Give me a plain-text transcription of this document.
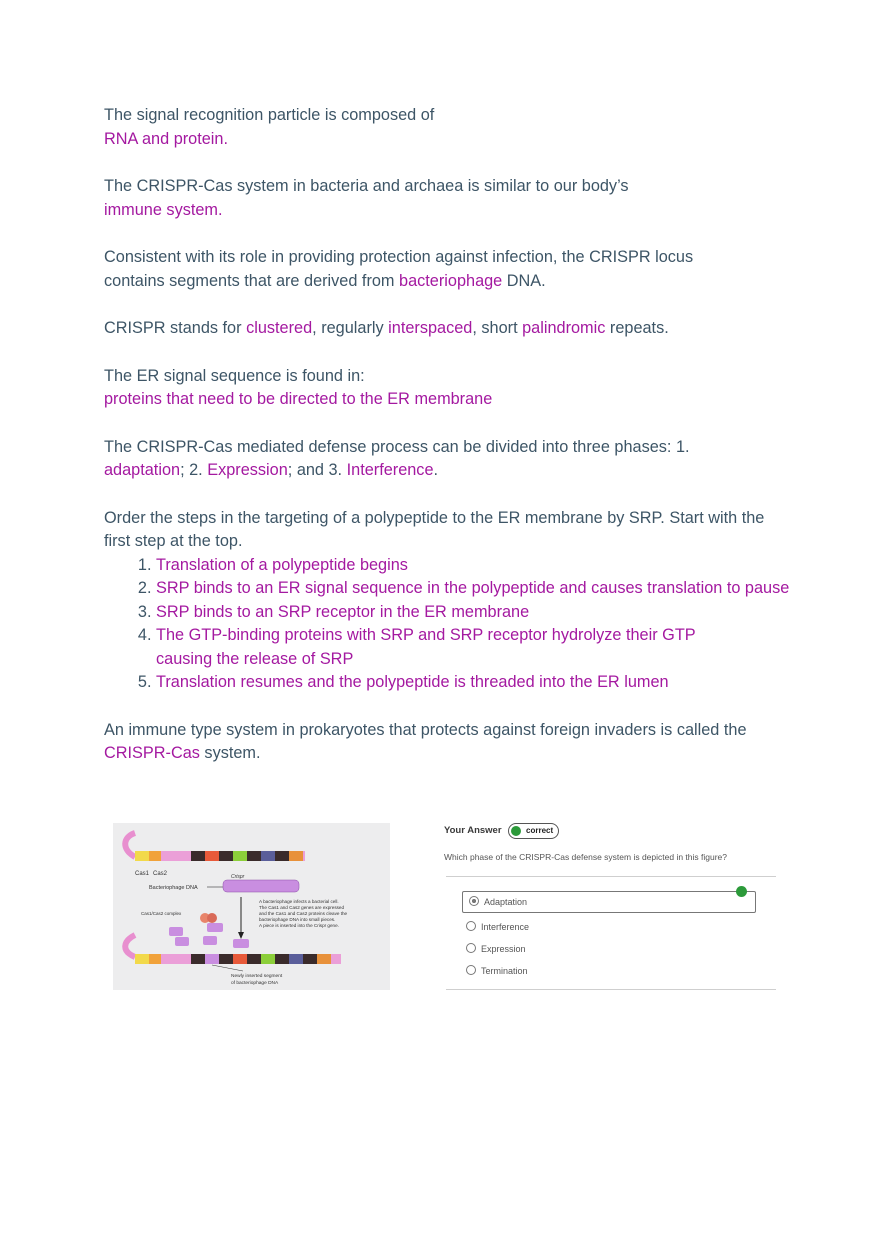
The signal recognition particle is composed of
RNA and protein.
The CRISPR‐Cas system in bacteria and archaea is similar to our body’s
immune system.
Consistent with its role in providing protection against infection, the CRISPR locus contains segments that are derived from bacteriophage DNA.
CRISPR stands for clustered, regularly interspaced, short palindromic repeats.
The ER signal sequence is found in:
proteins that need to be directed to the ER membrane
The CRISPR-Cas mediated defense process can be divided into three phases: 1. adaptation; 2. Expression; and 3. Interference.
Order the steps in the targeting of a polypeptide to the ER membrane by SRP. Start with the first step at the top.
1. Translation of a polypeptide begins
2. SRP binds to an ER signal sequence in the polypeptide and causes translation to pause
3. SRP binds to an SRP receptor in the ER membrane
4. The GTP-binding proteins with SRP and SRP receptor hydrolyze their GTP causing the release of SRP
5. Translation resumes and the polypeptide is threaded into the ER lumen
An immune type system in prokaryotes that protects against foreign invaders is called the CRISPR-Cas system.
Cas1 Cas2	Crispr
Bacteriophage DNA
Cas1/Cas2 complex
A bacteriophage infects a bacterial cell.
The Cas1 and Cas2 genes are expressed
and the Cas1 and Cas2 proteins cleave the
bacteriophage DNA into small pieces.
A piece is inserted into the Crispr gene.
Newly inserted segment
of bacteriophage DNA
Your Answer	correct
Which phase of the CRISPR-Cas defense system is depicted in this figure?
Adaptation
Interference
Expression
Termination
